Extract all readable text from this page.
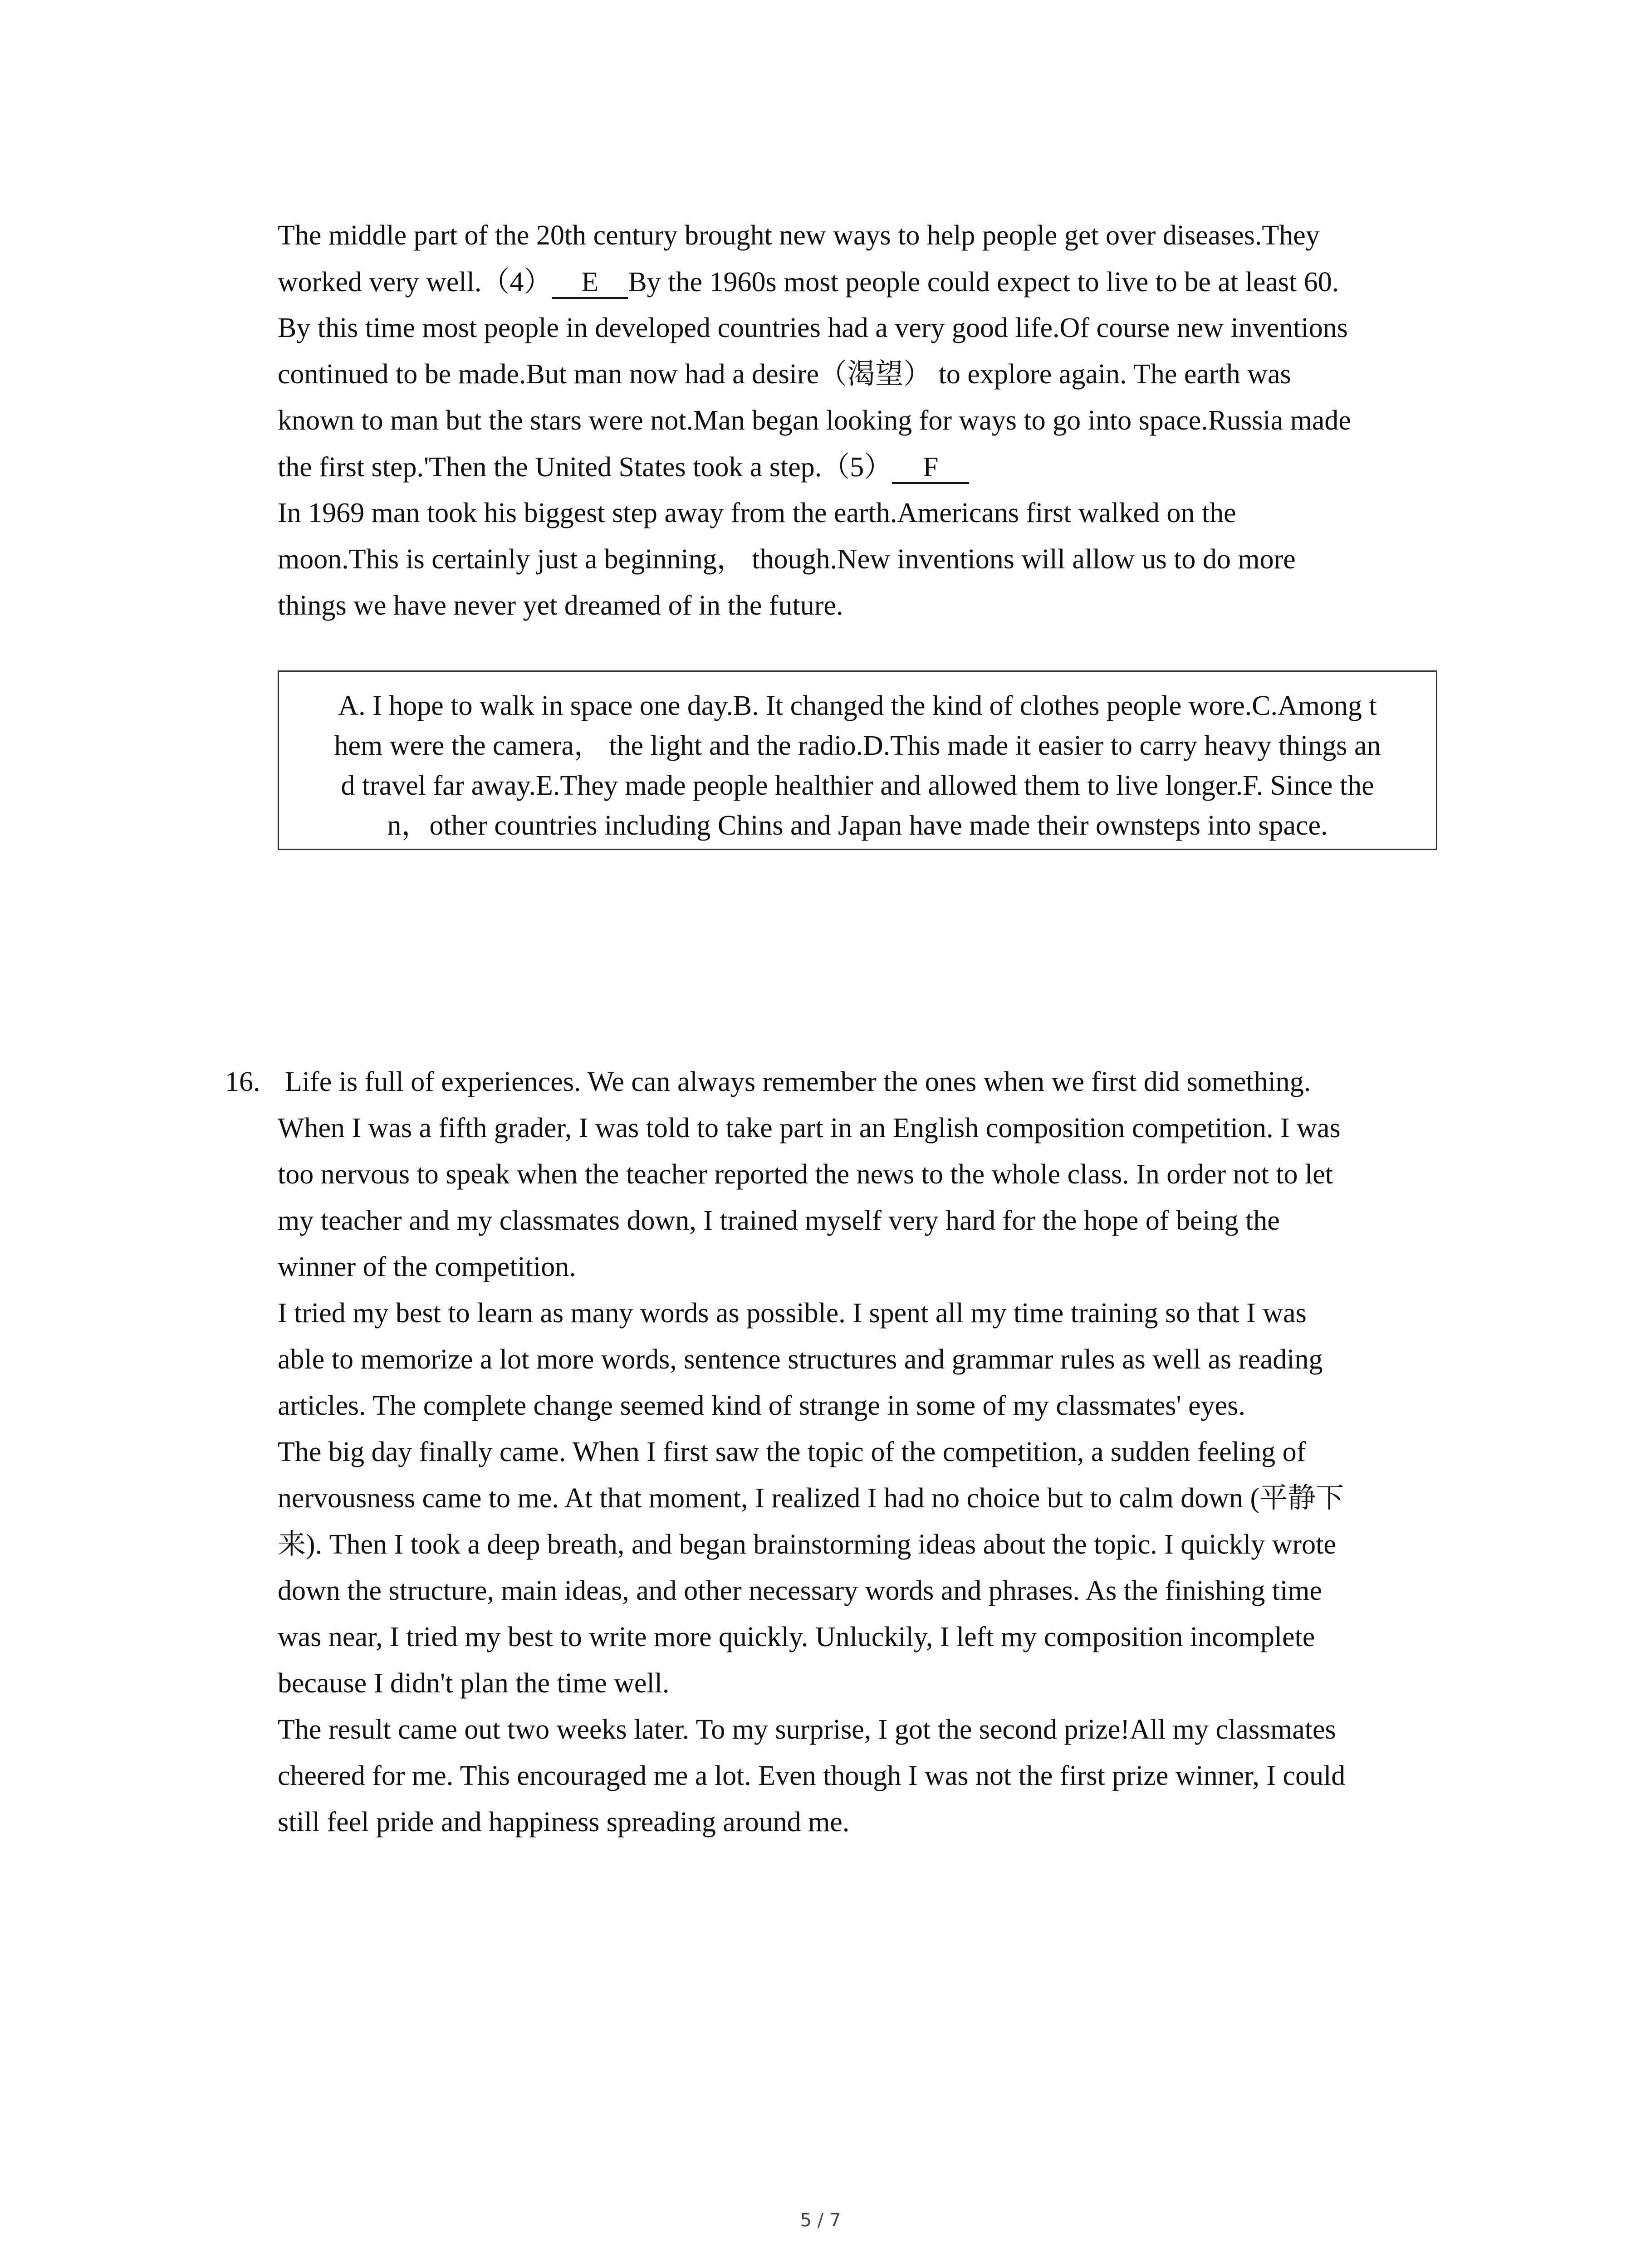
The middle part of the 20th century brought new ways to help people get over diseases.They
worked very well.（4） E By the 1960s most people could expect to live to be at least 60.
By this time most people in developed countries had a very good life.Of course new inventions
continued to be made.But man now had a desire（渴望） to explore again. The earth was
known to man but the stars were not.Man began looking for ways to go into space.Russia made
the first step.'Then the United States took a step.（5） F
In 1969 man took his biggest step away from the earth.Americans first walked on the
moon.This is certainly just a beginning， though.New inventions will allow us to do more
things we have never yet dreamed of in the future.
A. I hope to walk in space one day.B. It changed the kind of clothes people wore.C.Among t
hem were the camera， the light and the radio.D.This made it easier to carry heavy things an
d travel far away.E.They made people healthier and allowed them to live longer.F. Since the
n，other countries including Chins and Japan have made their ownsteps into space.
16. Life is full of experiences. We can always remember the ones when we first did something.
When I was a fifth grader, I was told to take part in an English composition competition. I was
too nervous to speak when the teacher reported the news to the whole class. In order not to let
my teacher and my classmates down, I trained myself very hard for the hope of being the
winner of the competition.
I tried my best to learn as many words as possible. I spent all my time training so that I was
able to memorize a lot more words, sentence structures and grammar rules as well as reading
articles. The complete change seemed kind of strange in some of my classmates' eyes.
The big day finally came. When I first saw the topic of the competition, a sudden feeling of
nervousness came to me. At that moment, I realized I had no choice but to calm down (平静下
来). Then I took a deep breath, and began brainstorming ideas about the topic. I quickly wrote
down the structure, main ideas, and other necessary words and phrases. As the finishing time
was near, I tried my best to write more quickly. Unluckily, I left my composition incomplete
because I didn't plan the time well.
The result came out two weeks later. To my surprise, I got the second prize!All my classmates
cheered for me. This encouraged me a lot. Even though I was not the first prize winner, I could
still feel pride and happiness spreading around me.
5 / 7
